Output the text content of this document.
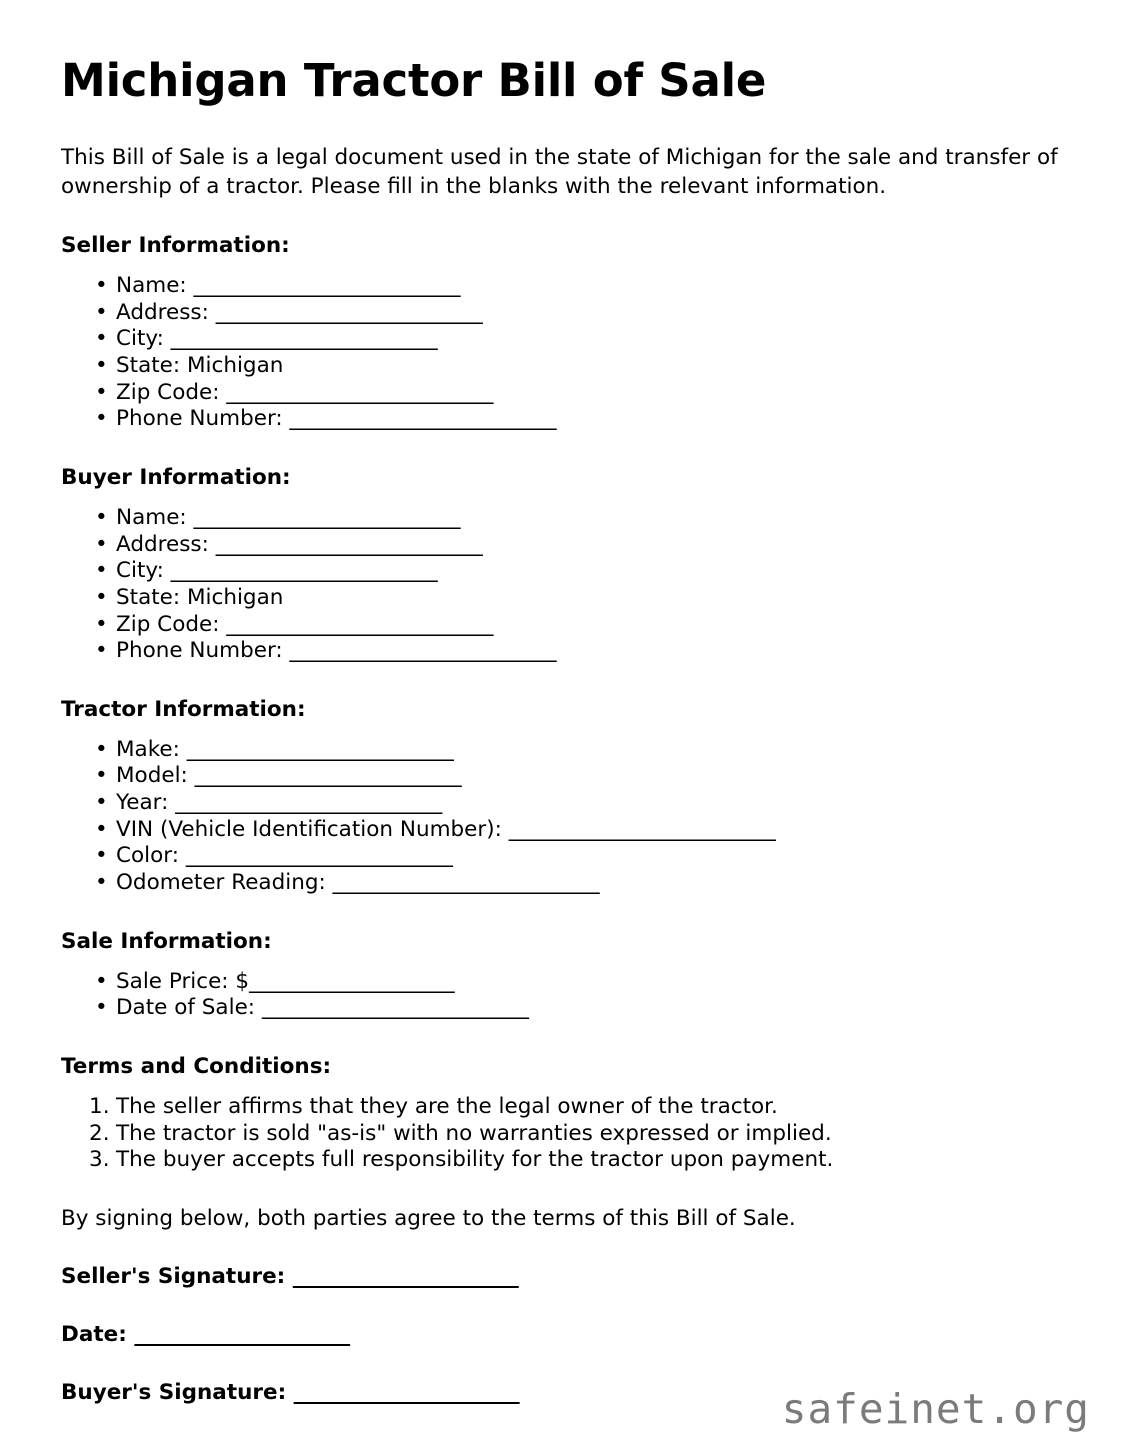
Michigan Tractor Bill of Sale

This Bill of Sale is a legal document used in the state of Michigan for the sale and transfer of ownership of a tractor. Please fill in the blanks with the relevant information.

Seller Information:
• Name: __________________________
• Address: __________________________
• City: __________________________
• State: Michigan
• Zip Code: __________________________
• Phone Number: __________________________
Buyer Information:
• Name: __________________________
• Address: __________________________
• City: __________________________
• State: Michigan
• Zip Code: __________________________
• Phone Number: __________________________
Tractor Information:
• Make: __________________________
• Model: __________________________
• Year: __________________________
• VIN (Vehicle Identification Number): __________________________
• Color: __________________________
• Odometer Reading: __________________________
Sale Information:
• Sale Price: $____________________
• Date of Sale: __________________________
Terms and Conditions:
The seller affirms that they are the legal owner of the tractor.
The tractor is sold "as-is" with no warranties expressed or implied.
The buyer accepts full responsibility for the tractor upon payment.

By signing below, both parties agree to the terms of this Bill of Sale.

Seller's Signature: ______________________
Date: _____________________
Buyer's Signature: ______________________	safeinet.org
